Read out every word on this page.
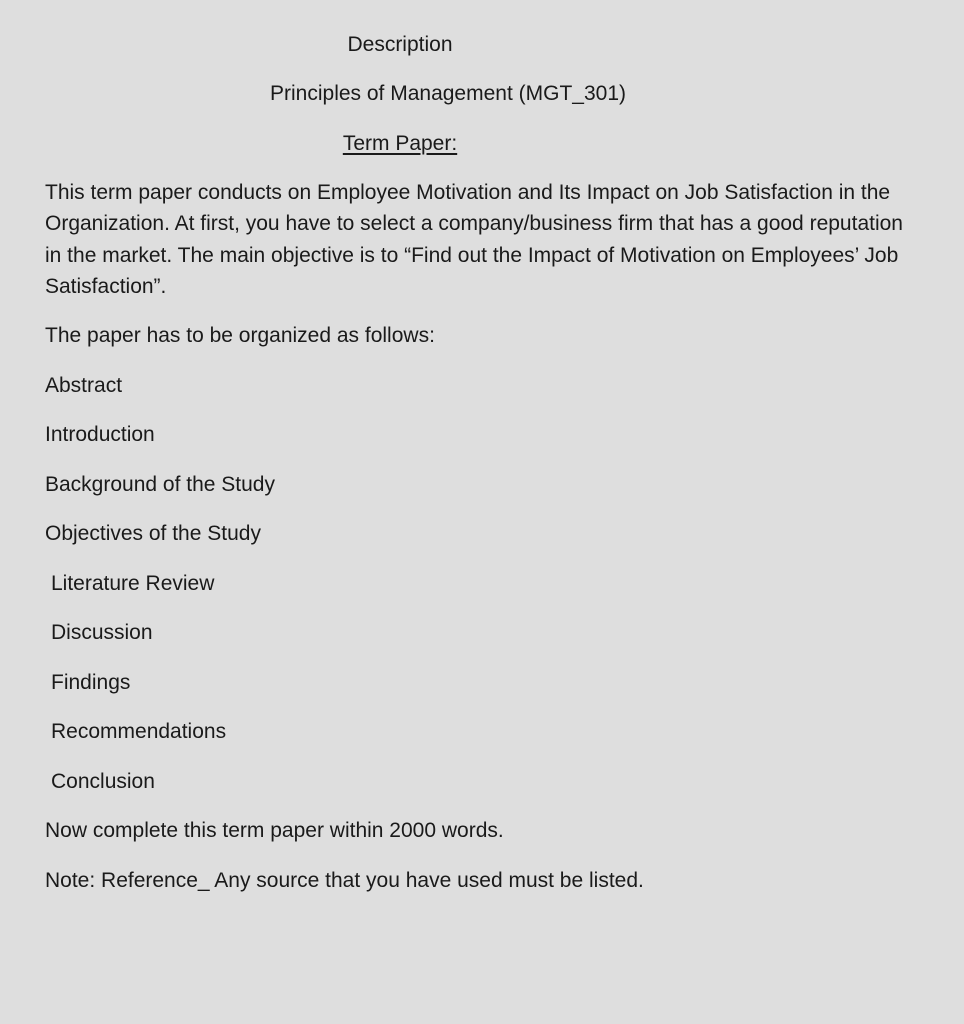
Description
Principles of Management (MGT_301)
Term Paper:

This term paper conducts on Employee Motivation and Its Impact on Job Satisfaction in the Organization. At first, you have to select a company/business firm that has a good reputation in the market. The main objective is to “Find out the Impact of Motivation on Employees’ Job Satisfaction”.

The paper has to be organized as follows:
Abstract
Introduction
Background of the Study
Objectives of the Study
Literature Review
Discussion
Findings
Recommendations
Conclusion
Now complete this term paper within 2000 words.
Note: Reference_ Any source that you have used must be listed.
